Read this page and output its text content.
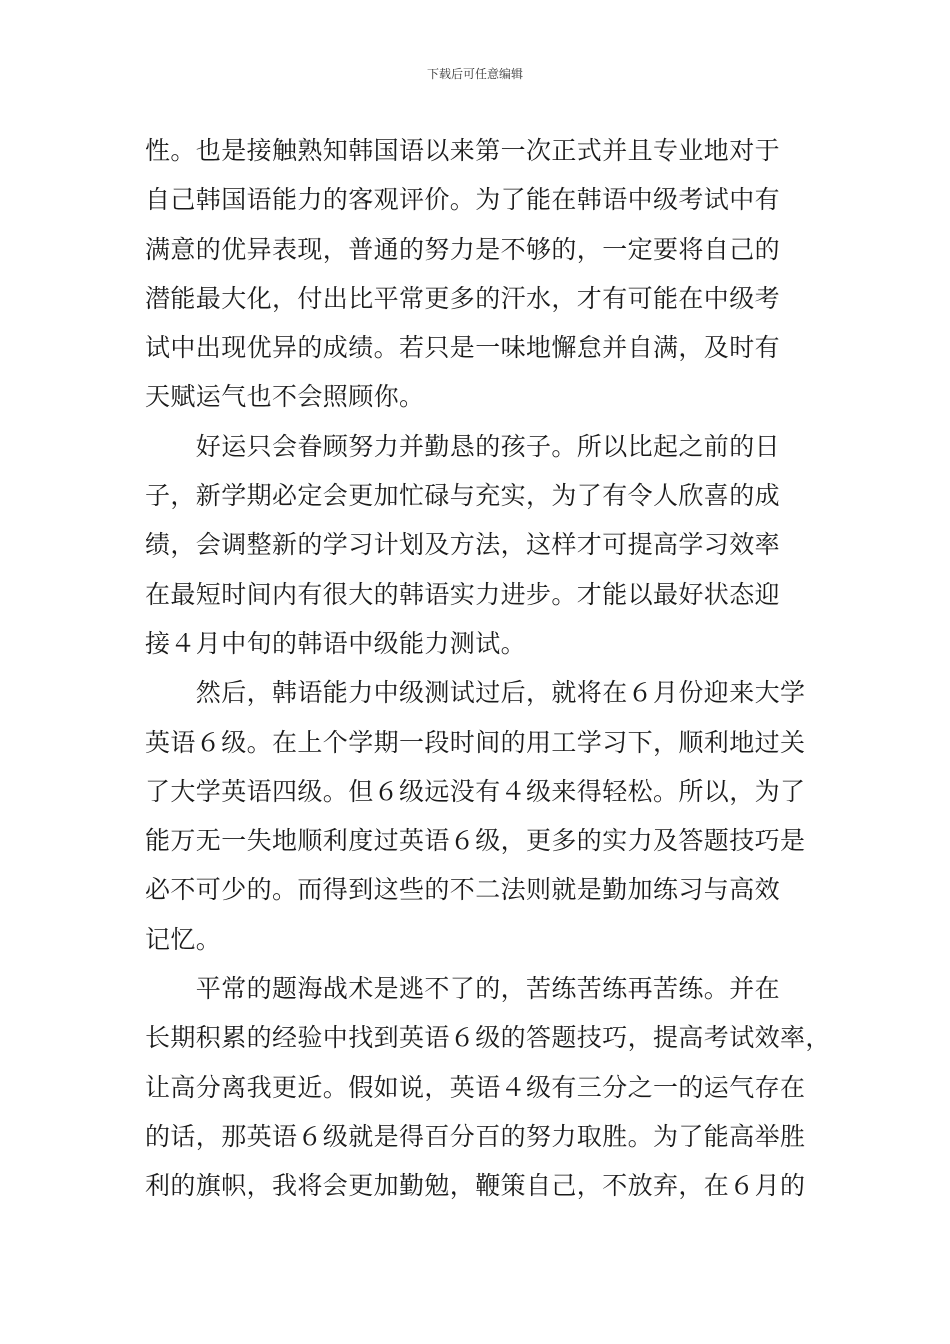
下载后可任意编辑
性。也是接触熟知韩国语以来第一次正式并且专业地对于
自己韩国语能力的客观评价。为了能在韩语中级考试中有
满意的优异表现，普通的努力是不够的，一定要将自己的
潜能最大化，付出比平常更多的汗水，才有可能在中级考
试中出现优异的成绩。若只是一味地懈怠并自满，及时有
天赋运气也不会照顾你。
　　好运只会眷顾努力并勤恳的孩子。所以比起之前的日
子，新学期必定会更加忙碌与充实，为了有令人欣喜的成
绩，会调整新的学习计划及方法，这样才可提高学习效率
在最短时间内有很大的韩语实力进步。才能以最好状态迎
接４月中旬的韩语中级能力测试。
　　然后，韩语能力中级测试过后，就将在６月份迎来大学
英语６级。在上个学期一段时间的用工学习下，顺利地过关
了大学英语四级。但６级远没有４级来得轻松。所以，为了
能万无一失地顺利度过英语６级，更多的实力及答题技巧是
必不可少的。而得到这些的不二法则就是勤加练习与高效
记忆。
　　平常的题海战术是逃不了的，苦练苦练再苦练。并在
长期积累的经验中找到英语６级的答题技巧，提高考试效率，
让高分离我更近。假如说，英语４级有三分之一的运气存在
的话，那英语６级就是得百分百的努力取胜。为了能高举胜
利的旗帜，我将会更加勤勉，鞭策自己，不放弃，在６月的
